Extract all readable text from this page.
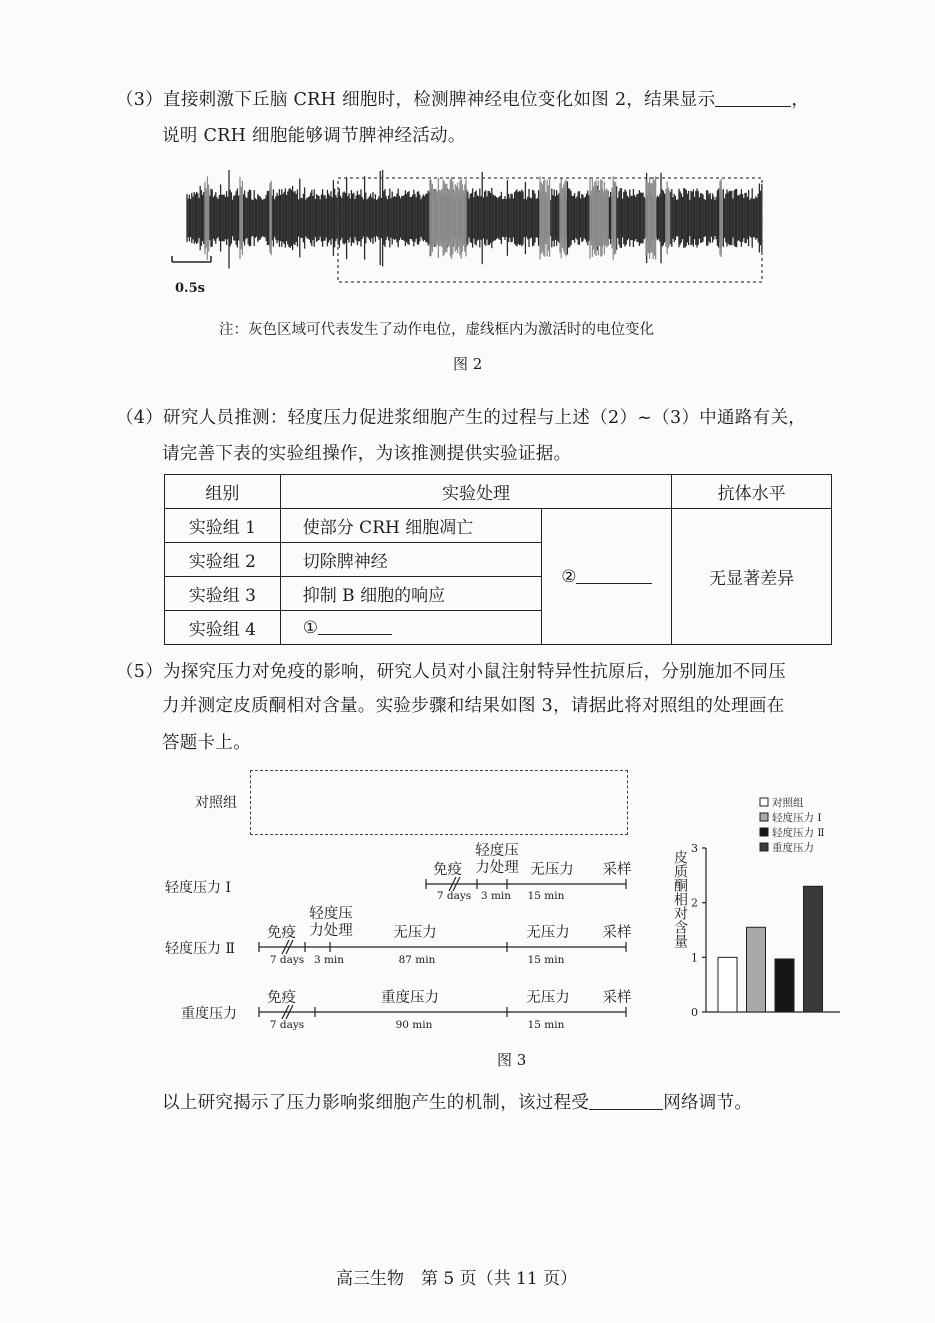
（3）直接刺激下丘脑 CRH 细胞时，检测脾神经电位变化如图 2，结果显示	，
说明 CRH 细胞能够调节脾神经活动。
0.5s
注：灰色区域可代表发生了动作电位，虚线框内为激活时的电位变化
图 2
（4）研究人员推测：轻度压力促进浆细胞产生的过程与上述（2）~（3）中通路有关，
请完善下表的实验组操作，为该推测提供实验证据。
组别	实验处理		抗体水平
实验组 1	使部分 CRH 细胞凋亡	②	无显著差异
实验组 2	切除脾神经		
实验组 3	抑制 B 细胞的响应		
实验组 4	①		
（5）为探究压力对免疫的影响，研究人员对小鼠注射特异性抗原后，分别施加不同压
力并测定皮质酮相对含量。实验步骤和结果如图 3，请据此将对照组的处理画在
答题卡上。
对照组
轻度压力 Ⅰ
轻度压力 Ⅱ
重度压力
免疫
轻度压
力处理 无压力	采样
7 days 3 min	15 min
免疫
轻度压
力处理	无压力	无压力	采样
7 days 3 min	87 min	15 min
免疫	重度压力	无压力	采样
7 days	90 min	15 min
对照组
轻度压力 Ⅰ
轻度压力 Ⅱ
重度压力
0
1
2
3
皮质酮相对含量
图 3
以上研究揭示了压力影响浆细胞产生的机制，该过程受	网络调节。
高三生物　第 5 页（共 11 页）
